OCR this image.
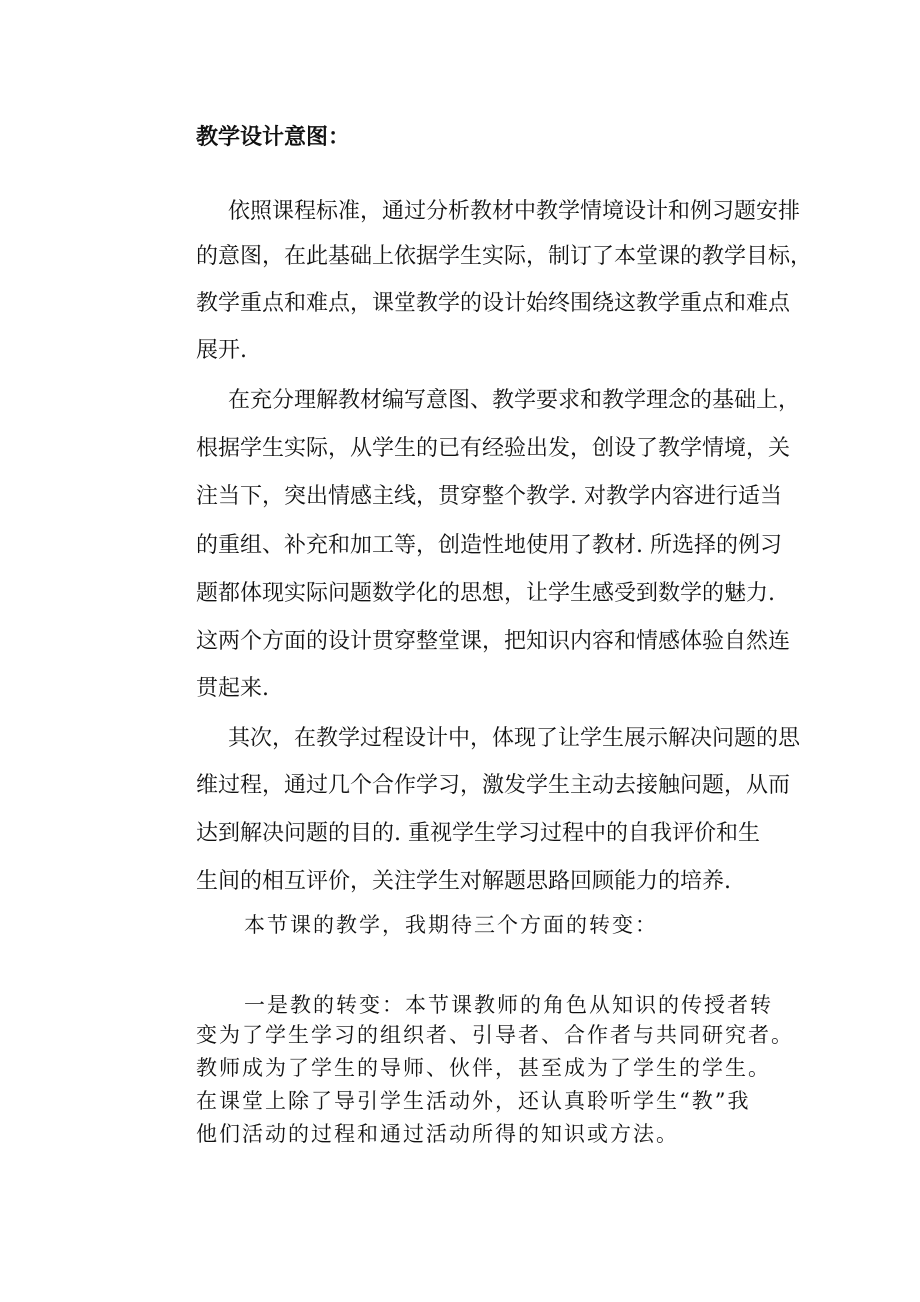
教学设计意图：
依照课程标准，通过分析教材中教学情境设计和例习题安排
的意图，在此基础上依据学生实际，制订了本堂课的教学目标，
教学重点和难点，课堂教学的设计始终围绕这教学重点和难点
展开.
在充分理解教材编写意图、教学要求和教学理念的基础上，
根据学生实际，从学生的已有经验出发，创设了教学情境，关
注当下，突出情感主线，贯穿整个教学. 对教学内容进行适当
的重组、补充和加工等，创造性地使用了教材. 所选择的例习
题都体现实际问题数学化的思想，让学生感受到数学的魅力.
这两个方面的设计贯穿整堂课，把知识内容和情感体验自然连
贯起来.
其次，在教学过程设计中，体现了让学生展示解决问题的思
维过程，通过几个合作学习，激发学生主动去接触问题，从而
达到解决问题的目的. 重视学生学习过程中的自我评价和生
生间的相互评价，关注学生对解题思路回顾能力的培养.
本节课的教学，我期待三个方面的转变：
一是教的转变：本节课教师的角色从知识的传授者转
变为了学生学习的组织者、引导者、合作者与共同研究者。
教师成为了学生的导师、伙伴，甚至成为了学生的学生。
在课堂上除了导引学生活动外，还认真聆听学生“教”我
他们活动的过程和通过活动所得的知识或方法。
